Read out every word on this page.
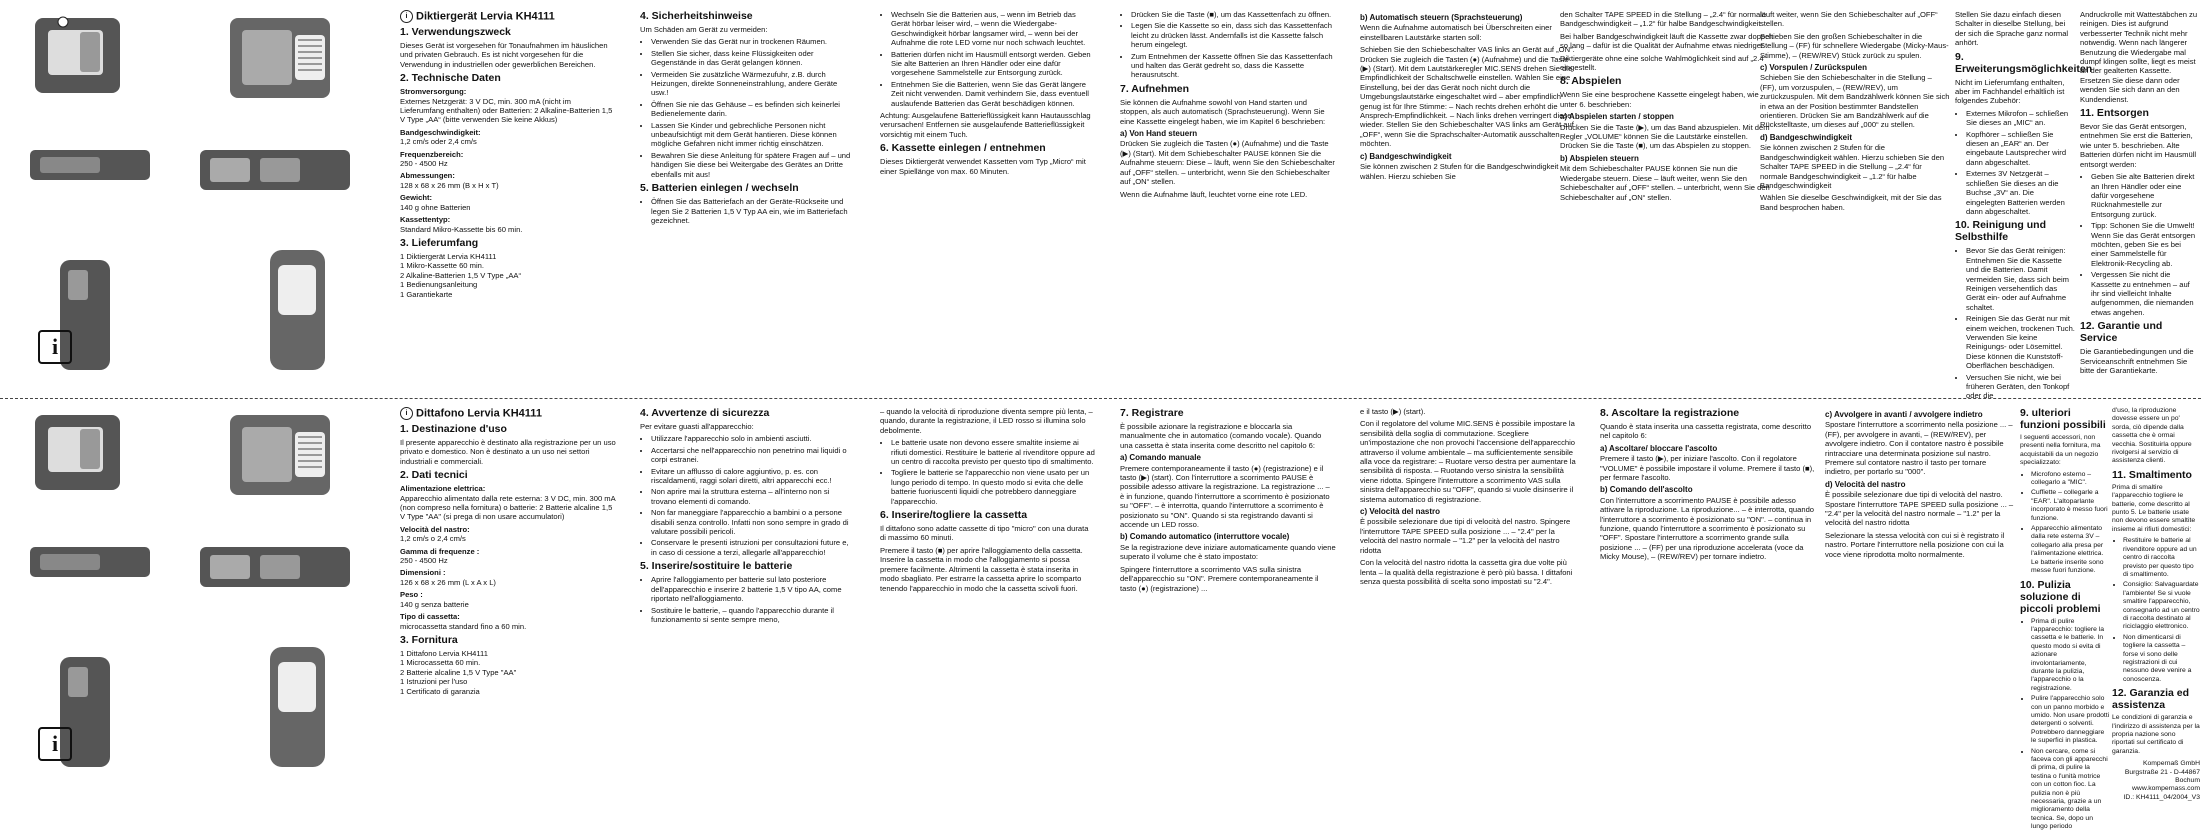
i
i Diktiergerät Lervia KH4111
1. Verwendungszweck

Dieses Gerät ist vorgesehen für Tonaufnahmen im häuslichen und privaten Gebrauch. Es ist nicht vorgesehen für die Verwendung in industriellen oder gewerblichen Bereichen.

2. Technische Daten

Stromversorgung:
Externes Netzgerät: 3 V DC, min. 300 mA (nicht im Lieferumfang enthalten) oder Batterien: 2 Alkaline-Batterien 1,5 V Type „AA“ (bitte verwenden Sie keine Akkus)

Bandgeschwindigkeit:
1,2 cm/s oder 2,4 cm/s

Frequenzbereich:
250 - 4500 Hz

Abmessungen:
128 x 68 x 26 mm (B x H x T)

Gewicht:
140 g ohne Batterien

Kassettentyp:
Standard Mikro-Kassette bis 60 min.

3. Lieferumfang

1 Diktiergerät Lervia KH4111
1 Mikro-Kassette 60 min.
2 Alkaline-Batterien 1,5 V Type „AA“
1 Bedienungsanleitung
1 Garantiekarte

4. Sicherheitshinweise

Um Schäden am Gerät zu vermeiden:

• Verwenden Sie das Gerät nur in trockenen Räumen.
• Stellen Sie sicher, dass keine Flüssigkeiten oder Gegenstände in das Gerät gelangen können.
• Vermeiden Sie zusätzliche Wärmezufuhr, z.B. durch Heizungen, direkte Sonneneinstrahlung, andere Geräte usw.!
• Öffnen Sie nie das Gehäuse – es befinden sich keinerlei Bedienelemente darin.
• Lassen Sie Kinder und gebrechliche Personen nicht unbeaufsichtigt mit dem Gerät hantieren. Diese können mögliche Gefahren nicht immer richtig einschätzen.
• Bewahren Sie diese Anleitung für spätere Fragen auf – und händigen Sie diese bei Weitergabe des Gerätes an Dritte ebenfalls mit aus!
5. Batterien einlegen / wechseln
• Öffnen Sie das Batteriefach an der Geräte-Rückseite und legen Sie 2 Batterien 1,5 V Typ AA ein, wie im Batteriefach gezeichnet.
• Wechseln Sie die Batterien aus, – wenn im Betrieb das Gerät hörbar leiser wird, – wenn die Wiedergabe-Geschwindigkeit hörbar langsamer wird, – wenn bei der Aufnahme die rote LED vorne nur noch schwach leuchtet.
• Batterien dürfen nicht im Hausmüll entsorgt werden. Geben Sie alte Batterien an Ihren Händler oder eine dafür vorgesehene Sammelstelle zur Entsorgung zurück.
• Entnehmen Sie die Batterien, wenn Sie das Gerät längere Zeit nicht verwenden. Damit verhindern Sie, dass eventuell auslaufende Batterien das Gerät beschädigen können.

Achtung: Ausgelaufene Batterieflüssigkeit kann Hautausschlag verursachen! Entfernen sie ausgelaufende Batterieflüssigkeit vorsichtig mit einem Tuch.

6. Kassette einlegen / entnehmen

Dieses Diktiergerät verwendet Kassetten vom Typ „Micro“ mit einer Spiellänge von max. 60 Minuten.

• Drücken Sie die Taste (■), um das Kassettenfach zu öffnen.
• Legen Sie die Kassette so ein, dass sich das Kassettenfach leicht zu drücken lässt. Andernfalls ist die Kassette falsch herum eingelegt.
• Zum Entnehmen der Kassette öffnen Sie das Kassettenfach und halten das Gerät gedreht so, dass die Kassette herausrutscht.
7. Aufnehmen

Sie können die Aufnahme sowohl von Hand starten und stoppen, als auch automatisch (Sprachsteuerung). Wenn Sie eine Kassette eingelegt haben, wie im Kapitel 6 beschrieben:

a) Von Hand steuern

Drücken Sie zugleich die Tasten (●) (Aufnahme) und die Taste (▶) (Start). Mit dem Schiebeschalter PAUSE können Sie die Aufnahme steuern: Diese – läuft, wenn Sie den Schiebeschalter auf „OFF“ stellen. – unterbricht, wenn Sie den Schiebeschalter auf „ON“ stellen.

Wenn die Aufnahme läuft, leuchtet vorne eine rote LED.

b) Automatisch steuern (Sprachsteuerung)

Wenn die Aufnahme automatisch bei Überschreiten einer einstellbaren Lautstärke starten soll:

Schieben Sie den Schiebeschalter VAS links an Gerät auf „ON“. Drücken Sie zugleich die Tasten (●) (Aufnahme) und die Taste (▶) (Start). Mit dem Lautstärkeregler MIC.SENS drehen Sie die Empfindlichkeit der Schaltschwelle einstellen. Wählen Sie eine Einstellung, bei der das Gerät noch nicht durch die Umgebungslautstärke eingeschaltet wird – aber empfindlich genug ist für Ihre Stimme: – Nach rechts drehen erhöht die Ansprech-Empfindlichkeit. – Nach links drehen verringert diese wieder. Stellen Sie den Schiebeschalter VAS links am Gerät auf „OFF“, wenn Sie die Sprachschalter-Automatik ausschalten möchten.

c) Bandgeschwindigkeit

Sie können zwischen 2 Stufen für die Bandgeschwindigkeit wählen. Hierzu schieben Sie

den Schalter TAPE SPEED in die Stellung – „2.4“ für normale Bandgeschwindigkeit – „1.2“ für halbe Bandgeschwindigkeit

Bei halber Bandgeschwindigkeit läuft die Kassette zwar doppelt so lang – dafür ist die Qualität der Aufnahme etwas niedriger.

Diktiergeräte ohne eine solche Wahlmöglichkeit sind auf „2.4“ eingestellt.

8. Abspielen

Wenn Sie eine besprochene Kassette eingelegt haben, wie unter 6. beschrieben:

a) Abspielen starten / stoppen

Drücken Sie die Taste (▶), um das Band abzuspielen. Mit dem Regler „VOLUME“ können Sie die Lautstärke einstellen. Drücken Sie die Taste (■), um das Abspielen zu stoppen.

b) Abspielen steuern

Mit dem Schiebeschalter PAUSE können Sie nun die Wiedergabe steuern. Diese – läuft weiter, wenn Sie den Schiebeschalter auf „OFF“ stellen. – unterbricht, wenn Sie den Schiebeschalter auf „ON“ stellen.

läuft weiter, wenn Sie den Schiebeschalter auf „OFF“ stellen.

Schieben Sie den großen Schiebeschalter in die Stellung – (FF) für schnellere Wiedergabe (Micky-Maus-Stimme), – (REW/REV) Stück zurück zu spulen.

c) Vorspulen / Zurückspulen

Schieben Sie den Schiebeschalter in die Stellung – (FF), um vorzuspulen, – (REW/REV), um zurückzuspulen. Mit dem Bandzählwerk können Sie sich in etwa an der Position bestimmter Bandstellen orientieren. Drücken Sie am Bandzählwerk auf die Rückstelltaste, um dieses auf „000“ zu stellen.

d) Bandgeschwindigkeit

Sie können zwischen 2 Stufen für die Bandgeschwindigkeit wählen. Hierzu schieben Sie den Schalter TAPE SPEED in die Stellung – „2.4“ für normale Bandgeschwindigkeit – „1.2“ für halbe Bandgeschwindigkeit

Wählen Sie dieselbe Geschwindigkeit, mit der Sie das Band besprochen haben.

Stellen Sie dazu einfach diesen Schalter in dieselbe Stellung, bei der sich die Sprache ganz normal anhört.

9. Erweiterungsmöglichkeiten

Nicht im Lieferumfang enthalten, aber im Fachhandel erhältlich ist folgendes Zubehör:

• Externes Mikrofon – schließen Sie dieses an „MIC“ an.
• Kopfhörer – schließen Sie diesen an „EAR“ an. Der eingebaute Lautsprecher wird dann abgeschaltet.
• Externes 3V Netzgerät – schließen Sie dieses an die Buchse „3V“ an. Die eingelegten Batterien werden dann abgeschaltet.
10. Reinigung und Selbsthilfe
• Bevor Sie das Gerät reinigen: Entnehmen Sie die Kassette und die Batterien. Damit vermeiden Sie, dass sich beim Reinigen versehentlich das Gerät ein- oder auf Aufnahme schaltet.
• Reinigen Sie das Gerät nur mit einem weichen, trockenen Tuch. Verwenden Sie keine Reinigungs- oder Lösemittel. Diese können die Kunststoff-Oberflächen beschädigen.
• Versuchen Sie nicht, wie bei früheren Geräten, den Tonkopf oder die

Andruckrolle mit Wattestäbchen zu reinigen. Dies ist aufgrund verbesserter Technik nicht mehr notwendig. Wenn nach längerer Benutzung die Wiedergabe mal dumpf klingen sollte, liegt es meist an der gealterten Kassette. Ersetzen Sie diese dann oder wenden Sie sich dann an den Kundendienst.

11. Entsorgen

Bevor Sie das Gerät entsorgen, entnehmen Sie erst die Batterien, wie unter 5. beschrieben. Alte Batterien dürfen nicht im Hausmüll entsorgt werden:

• Geben Sie alte Batterien direkt an Ihren Händler oder eine dafür vorgesehene Rücknahmestelle zur Entsorgung zurück.
• Tipp: Schonen Sie die Umwelt! Wenn Sie das Gerät entsorgen möchten, geben Sie es bei einer Sammelstelle für Elektronik-Recycling ab.
• Vergessen Sie nicht die Kassette zu entnehmen – auf ihr sind vielleicht Inhalte aufgenommen, die niemanden etwas angehen.
12. Garantie und Service

Die Garantiebedingungen und die Serviceanschrift entnehmen Sie bitte der Garantiekarte.

i
i Dittafono Lervia KH4111
1. Destinazione d'uso

Il presente apparecchio è destinato alla registrazione per un uso privato e domestico. Non è destinato a un uso nei settori industriali e commerciali.

2. Dati tecnici

Alimentazione elettrica:
Apparecchio alimentato dalla rete esterna: 3 V DC, min. 300 mA (non compreso nella fornitura) o batterie: 2 Batterie alcaline 1,5 V Type "AA" (si prega di non usare accumulatori)

Velocità del nastro:
1,2 cm/s o 2,4 cm/s

Gamma di frequenze :
250 - 4500 Hz

Dimensioni :
126 x 68 x 26 mm (L x A x L)

Peso :
140 g senza batterie

Tipo di cassetta:
microcassetta standard fino a 60 min.

3. Fornitura

1 Dittafono Lervia KH4111
1 Microcassetta 60 min.
2 Batterie alcaline 1,5 V Type "AA"
1 Istruzioni per l'uso
1 Certificato di garanzia

4. Avvertenze di sicurezza

Per evitare guasti all'apparecchio:

• Utilizzare l'apparecchio solo in ambienti asciutti.
• Accertarsi che nell'apparecchio non penetrino mai liquidi o corpi estranei.
• Evitare un afflusso di calore aggiuntivo, p. es. con riscaldamenti, raggi solari diretti, altri apparecchi ecc.!
• Non aprire mai la struttura esterna – all'interno non si trovano elementi di comando.
• Non far maneggiare l'apparecchio a bambini o a persone disabili senza controllo. Infatti non sono sempre in grado di valutare possibili pericoli.
• Conservare le presenti istruzioni per consultazioni future e, in caso di cessione a terzi, allegarle all'apparecchio!
5. Inserire/sostituire le batterie
• Aprire l'alloggiamento per batterie sul lato posteriore dell'apparecchio e inserire 2 batterie 1,5 V tipo AA, come riportato nell'alloggiamento.
• Sostituire le batterie, – quando l'apparecchio durante il funzionamento si sente sempre meno,

– quando la velocità di riproduzione diventa sempre più lenta, – quando, durante la registrazione, il LED rosso si illumina solo debolmente.

• Le batterie usate non devono essere smaltite insieme ai rifiuti domestici. Restituire le batterie al rivenditore oppure ad un centro di raccolta previsto per questo tipo di smaltimento.
• Togliere le batterie se l'apparecchio non viene usato per un lungo periodo di tempo. In questo modo si evita che delle batterie fuoriuscenti liquidi che potrebbero danneggiare l'apparecchio.
6. Inserire/togliere la cassetta

Il dittafono sono adatte cassette di tipo "micro" con una durata di massimo 60 minuti.

Premere il tasto (■) per aprire l'alloggiamento della cassetta. Inserire la cassetta in modo che l'alloggiamento si possa premere facilmente. Altrimenti la cassetta è stata inserita in modo sbagliato. Per estrarre la cassetta aprire lo scomparto tenendo l'apparecchio in modo che la cassetta scivoli fuori.

7. Registrare

È possibile azionare la registrazione e bloccarla sia manualmente che in automatico (comando vocale). Quando una cassetta è stata inserita come descritto nel capitolo 6:

a) Comando manuale

Premere contemporaneamente il tasto (●) (registrazione) e il tasto (▶) (start). Con l'interruttore a scorrimento PAUSE è possibile adesso attivare la registrazione. La registrazione ... – è in funzione, quando l'interruttore a scorrimento è posizionato su "OFF". – è interrotta, quando l'interruttore a scorrimento è posizionato su "ON". Quando si sta registrando davanti si accende un LED rosso.

b) Comando automatico (interruttore vocale)

Se la registrazione deve iniziare automaticamente quando viene superato il volume che è stato impostato:

Spingere l'interruttore a scorrimento VAS sulla sinistra dell'apparecchio su "ON". Premere contemporaneamente il tasto (●) (registrazione) ...

e il tasto (▶) (start).

Con il regolatore del volume MIC.SENS è possibile impostare la sensibilità della soglia di commutazione. Scegliere un'impostazione che non provochi l'accensione dell'apparecchio attraverso il volume ambientale – ma sufficientemente sensibile alla voce da registrare: – Ruotare verso destra per aumentare la sensibilità di risposta. – Ruotando verso sinistra la sensibilità viene ridotta. Spingere l'interruttore a scorrimento VAS sulla sinistra dell'apparecchio su "OFF", quando si vuole disinserire il sistema automatico di registrazione.

c) Velocità del nastro

È possibile selezionare due tipi di velocità del nastro. Spingere l'interruttore TAPE SPEED sulla posizione ... – "2.4" per la velocità del nastro normale – "1.2" per la velocità del nastro ridotta

Con la velocità del nastro ridotta la cassetta gira due volte più lenta – la qualità della registrazione è però più bassa. I dittafoni senza questa possibilità di scelta sono impostati su "2.4".

8. Ascoltare la registrazione

Quando è stata inserita una cassetta registrata, come descritto nel capitolo 6:

a) Ascoltare/ bloccare l'ascolto

Premere il tasto (▶), per iniziare l'ascolto. Con il regolatore "VOLUME" è possibile impostare il volume. Premere il tasto (■), per fermare l'ascolto.

b) Comando dell'ascolto

Con l'interruttore a scorrimento PAUSE è possibile adesso attivare la riproduzione. La riproduzione... – è interrotta, quando l'interruttore a scorrimento è posizionato su "ON". – continua in funzione, quando l'interruttore a scorrimento è posizionato su "OFF". Spostare l'interruttore a scorrimento grande sulla posizione ... – (FF) per una riproduzione accelerata (voce da Micky Mouse), – (REW/REV) per tornare indietro.

c) Avvolgere in avanti / avvolgere indietro

Spostare l'interruttore a scorrimento nella posizione ... – (FF), per avvolgere in avanti, – (REW/REV), per avvolgere indietro. Con il contatore nastro è possibile rintracciare una determinata posizione sul nastro. Premere sul contatore nastro il tasto per tornare indietro, per portarlo su "000".

d) Velocità del nastro

È possibile selezionare due tipi di velocità del nastro. Spostare l'interruttore TAPE SPEED sulla posizione ... – "2.4" per la velocità del nastro normale – "1.2" per la velocità del nastro ridotta

Selezionare la stessa velocità con cui si è registrato il nastro. Portare l'interruttore nella posizione con cui la voce viene riprodotta molto normalmente.

9. ulteriori funzioni possibili

I seguenti accessori, non presenti nella fornitura, ma acquistabili da un negozio specializzato:

• Microfono esterno – collegarlo a "MIC".
• Cuffiette – collegarle a "EAR". L'altoparlante incorporato è messo fuori funzione.
• Apparecchio alimentato dalla rete esterna 3V – collegarlo alla presa per l'alimentazione elettrica. Le batterie inserite sono messe fuori funzione.
10. Pulizia soluzione di piccoli problemi
• Prima di pulire l'apparecchio: togliere la cassetta e le batterie. In questo modo si evita di azionare involontariamente, durante la pulizia, l'apparecchio o la registrazione.
• Pulire l'apparecchio solo con un panno morbido e umido. Non usare prodotti detergenti o solventi. Potrebbero danneggiare le superfici in plastica.
• Non cercare, come si faceva con gli apparecchi di prima, di pulire la testina o l'unità motrice con un cotton fioc. La pulizia non è più necessaria, grazie a un miglioramento della tecnica. Se, dopo un lungo periodo

d'uso, la riproduzione dovesse essere un po' sorda, ciò dipende dalla cassetta che è ormai vecchia. Sostituirla oppure rivolgersi al servizio di assistenza clienti.

11. Smaltimento

Prima di smaltire l'apparecchio togliere le batterie, come descritto al punto 5. Le batterie usate non devono essere smaltite insieme ai rifiuti domestici:

• Restituire le batterie al rivenditore oppure ad un centro di raccolta previsto per questo tipo di smaltimento.
• Consiglio: Salvaguardate l'ambiente! Se si vuole smaltire l'apparecchio, consegnarlo ad un centro di raccolta destinato al riciclaggio elettronico.
• Non dimenticarsi di togliere la cassetta – forse vi sono delle registrazioni di cui nessuno deve venire a conoscenza.
12. Garanzia ed assistenza

Le condizioni di garanzia e l'indirizzo di assistenza per la propria nazione sono riportati sul certificato di garanzia.

Kompernaß GmbH
Burgstraße 21 - D-44867 Bochum
www.kompernass.com
ID.: KH4111_04/2004_V3
